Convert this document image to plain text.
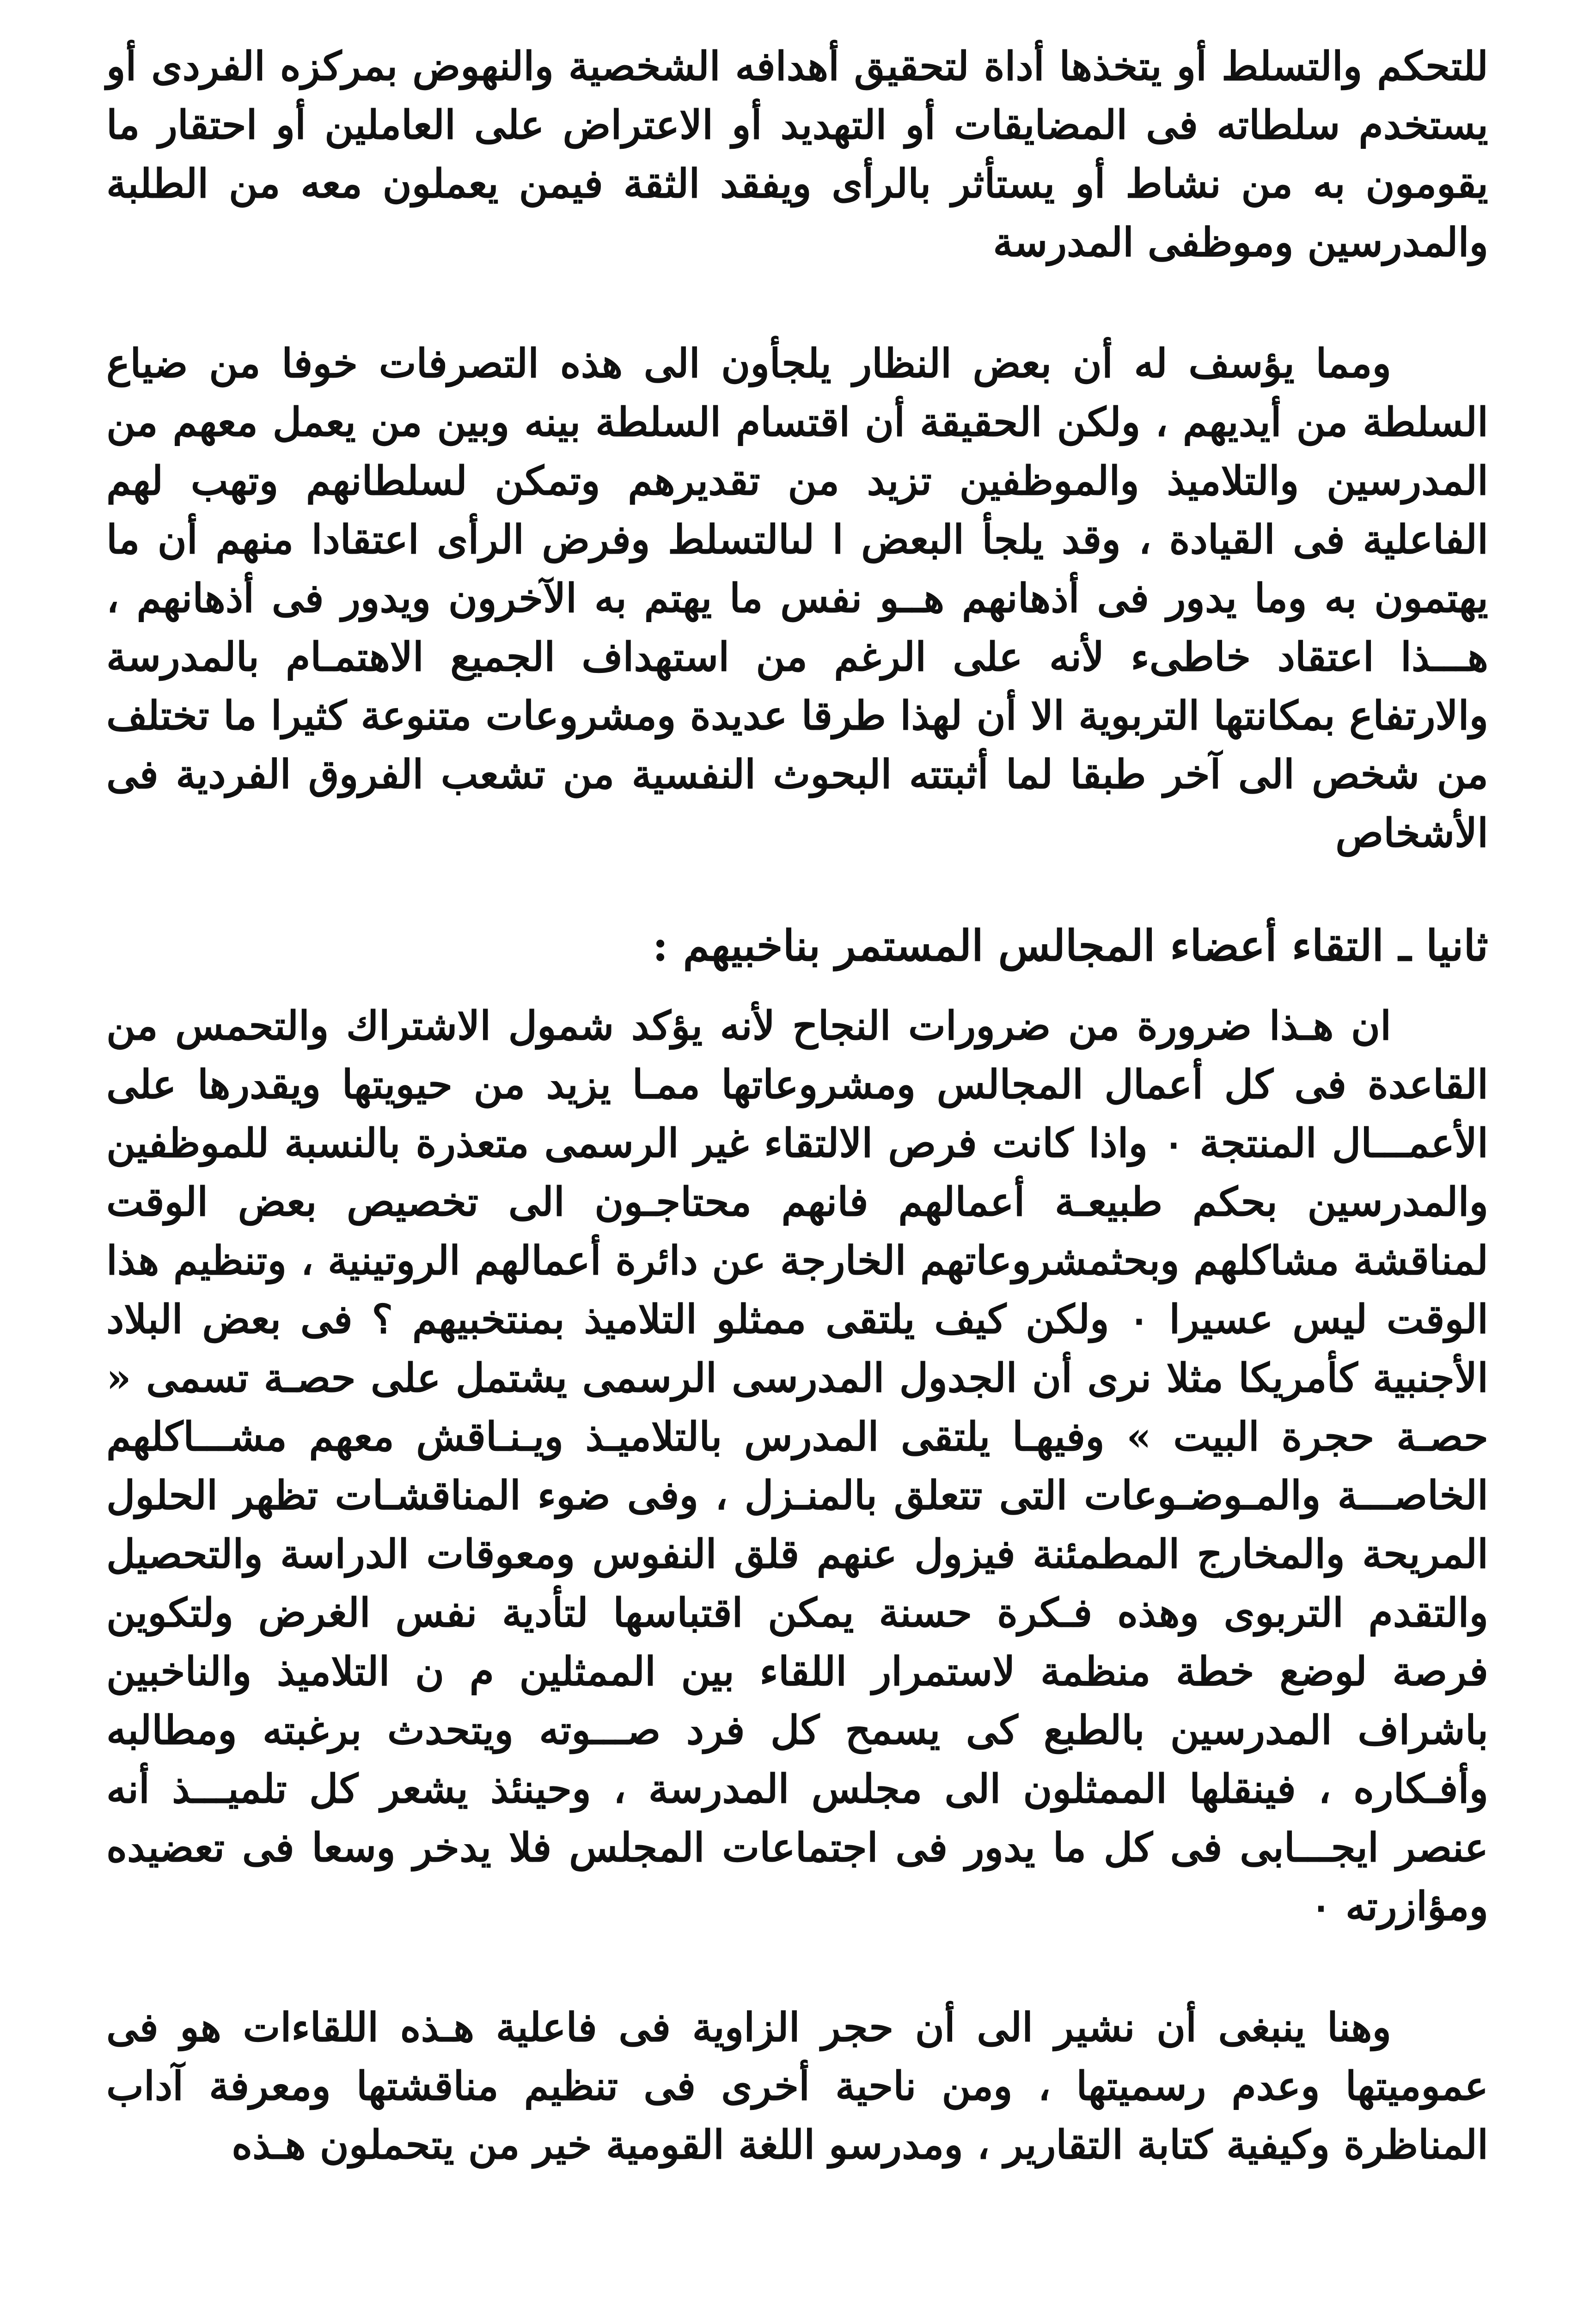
للتحكم والتسلط أو يتخذها أداة لتحقيق أهدافه الشخصية والنهوض بمركزه الفردى أو يستخدم سلطاته فى المضايقات أو التهديد أو الاعتراض على العاملين أو احتقار ما يقومون به من نشاط أو يستأثر بالرأى ويفقد الثقة فيمن يعملون معه من الطلبة والمدرسين وموظفى المدرسة

ومما يؤسف له أن بعض النظار يلجأون الى هذه التصرفات خوفا من ضياع السلطة من أيديهم ، ولكن الحقيقة أن اقتسام السلطة بينه وبين من يعمل معهم من المدرسين والتلاميذ والموظفين تزيد من تقديرهم وتمكن لسلطانهم وتهب لهم الفاعلية فى القيادة ، وقد يلجأ البعض ا لىالتسلط وفرض الرأى اعتقادا منهم أن ما يهتمون به وما يدور فى أذهانهم هــو نفس ما يهتم به الآخرون ويدور فى أذهانهم ، هـــذا اعتقاد خاطىء لأنه على الرغم من استهداف الجميع الاهتمـام بالمدرسة والارتفاع بمكانتها التربوية الا أن لهذا طرقا عديدة ومشروعات متنوعة كثيرا ما تختلف من شخص الى آخر طبقا لما أثبتته البحوث النفسية من تشعب الفروق الفردية فى الأشخاص

ثانيا ـ التقاء أعضاء المجالس المستمر بناخبيهم :

ان هـذا ضرورة من ضرورات النجاح لأنه يؤكد شمول الاشتراك والتحمس من القاعدة فى كل أعمال المجالس ومشروعاتها ممـا يزيد من حيويتها ويقدرها على الأعمـــال المنتجة ٠ واذا كانت فرص الالتقاء غير الرسمى متعذرة بالنسبة للموظفين والمدرسين بحكم طبيعـة أعمالهم فانهم محتاجـون الى تخصيص بعض الوقت لمناقشة مشاكلهم وبحثمشروعاتهم الخارجة عن دائرة أعمالهم الروتينية ، وتنظيم هذا الوقت ليس عسيرا ٠ ولكن كيف يلتقى ممثلو التلاميذ بمنتخبيهم ؟ فى بعض البلاد الأجنبية كأمريكا مثلا نرى أن الجدول المدرسى الرسمى يشتمل على حصـة تسمى « حصـة حجرة البيت » وفيهـا يلتقى المدرس بالتلاميـذ ويـنـاقش معهم مشـــاكلهم الخاصـــة والمـوضـوعات التى تتعلق بالمنـزل ، وفى ضوء المناقشـات تظهر الحلول المريحة والمخارج المطمئنة فيزول عنهم قلق النفوس ومعوقات الدراسة والتحصيل والتقدم التربوى وهذه فـكرة حسنة يمكن اقتباسها لتأدية نفس الغرض ولتكوين فرصة لوضع خطة منظمة لاستمرار اللقاء بين الممثلين م ن التلاميذ والناخبين باشراف المدرسين بالطبع كى يسمح كل فرد صـــوته ويتحدث برغبته ومطالبه وأفـكاره ، فينقلها الممثلون الى مجلس المدرسة ، وحينئذ يشعر كل تلميـــذ أنه عنصر ايجـــابى فى كل ما يدور فى اجتماعات المجلس فلا يدخر وسعا فى تعضيده ومؤازرته ٠

وهنا ينبغى أن نشير الى أن حجر الزاوية فى فاعلية هـذه اللقاءات هو فى عموميتها وعدم رسميتها ، ومن ناحية أخرى فى تنظيم مناقشتها ومعرفة آداب المناظرة وكيفية كتابة التقارير ، ومدرسو اللغة القومية خير من يتحملون هـذه
